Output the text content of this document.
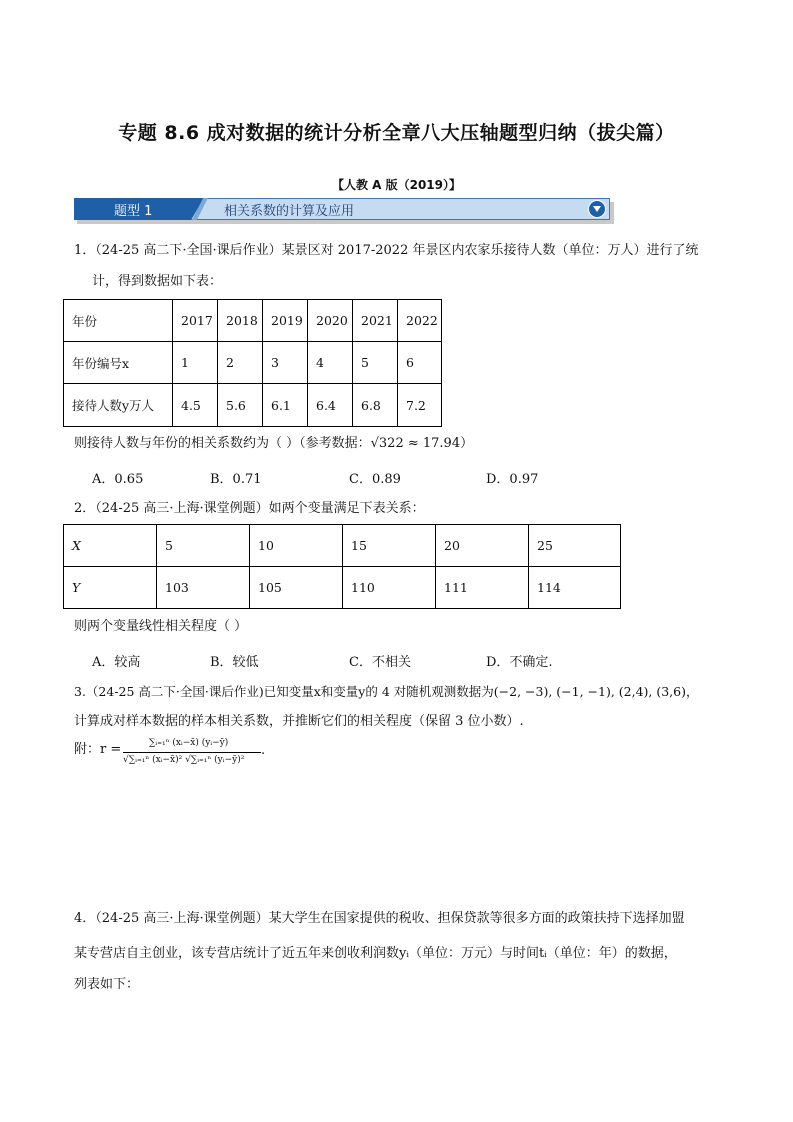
专题 8.6 成对数据的统计分析全章八大压轴题型归纳（拔尖篇）
【人教 A 版（2019）】
题型 1	相关系数的计算及应用
1．（24-25 高二下·全国·课后作业）某景区对 2017-2022 年景区内农家乐接待人数（单位：万人）进行了统
计，得到数据如下表：
年份	2017	2018	2019	2020	2021	2022
年份编号x	1	2	3	4	5	6
接待人数y万人	4.5	5.6	6.1	6.4	6.8	7.2
则接待人数与年份的相关系数约为（ ）（参考数据：√322 ≈ 17.94）
A．0.65	B．0.71	C．0.89	D．0.97
2．（24-25 高三·上海·课堂例题）如两个变量满足下表关系：
X	5	10	15	20	25
Y	103	105	110	111	114
则两个变量线性相关程度（ ）
A．较高	B．较低	C．不相关	D．不确定.
3.（24-25 高二下·全国·课后作业)已知变量x和变量y的 4 对随机观测数据为(−2, −3), (−1, −1), (2,4), (3,6)，
计算成对样本数据的样本相关系数，并推断它们的相关程度（保留 3 位小数）.
附：r =	∑ᵢ₌₁ⁿ (xᵢ−x̄) (yᵢ−ȳ)
√∑ᵢ₌₁ⁿ (xᵢ−x̄)² √∑ᵢ₌₁ⁿ (yᵢ−ȳ)²
.
4．（24-25 高三·上海·课堂例题）某大学生在国家提供的税收、担保贷款等很多方面的政策扶持下选择加盟
某专营店自主创业，该专营店统计了近五年来创收利润数yᵢ（单位：万元）与时间tᵢ（单位：年）的数据，
列表如下：
